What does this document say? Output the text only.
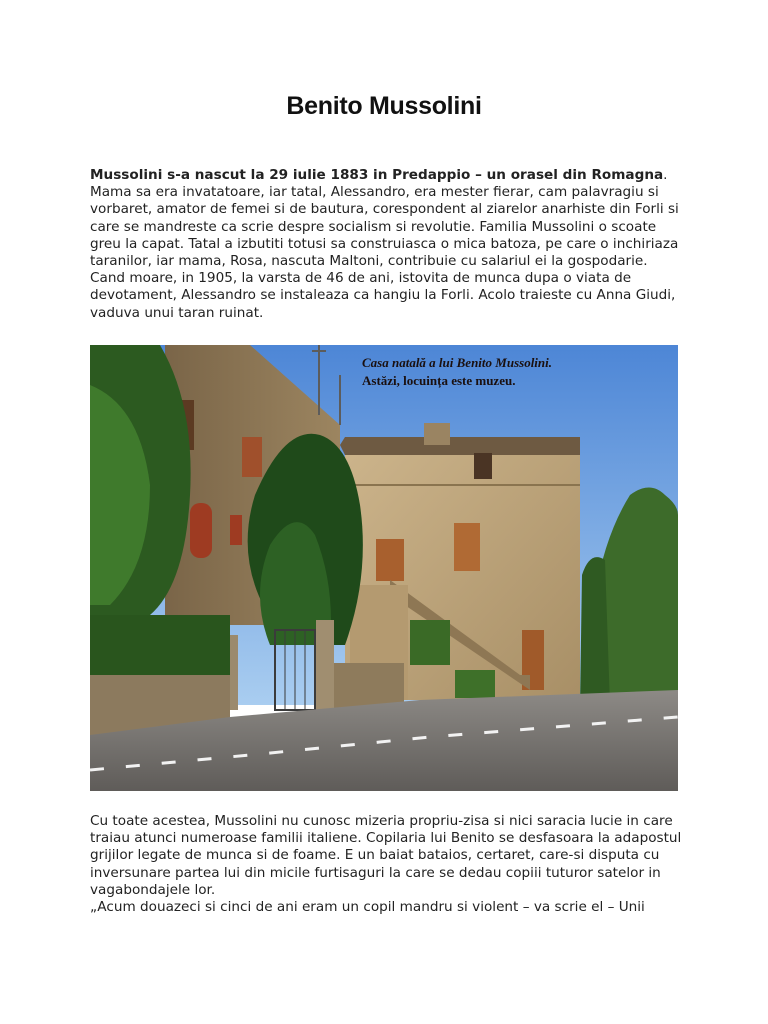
Benito Mussolini

Mussolini s-a nascut la 29 iulie 1883 in Predappio – un orasel din Romagna. Mama sa era invatatoare, iar tatal, Alessandro, era mester fierar, cam palavragiu si vorbaret, amator de femei si de bautura, corespondent al ziarelor anarhiste din Forli si care se mandreste ca scrie despre socialism si revolutie. Familia Mussolini o scoate greu la capat. Tatal a izbutiti totusi sa construiasca o mica batoza, pe care o inchiriaza taranilor, iar mama, Rosa, nascuta Maltoni, contribuie cu salariul ei la gospodarie. Cand moare, in 1905, la varsta de 46 de ani, istovita de munca dupa o viata de devotament, Alessandro se instaleaza ca hangiu la Forli. Acolo traieste cu Anna Giudi, vaduva unui taran ruinat.

Casa natală a lui Benito Mussolini.
Astăzi, locuința este muzeu.

Cu toate acestea, Mussolini nu cunosc mizeria propriu-zisa si nici saracia lucie in care traiau atunci numeroase familii italiene. Copilaria lui Benito se desfasoara la adapostul grijilor legate de munca si de foame. E un baiat bataios, certaret, care-si disputa cu inversunare partea lui din micile furtisaguri la care se dedau copiii tuturor satelor in vagabondajele lor.
„Acum douazeci si cinci de ani eram un copil mandru si violent – va scrie el – Unii
